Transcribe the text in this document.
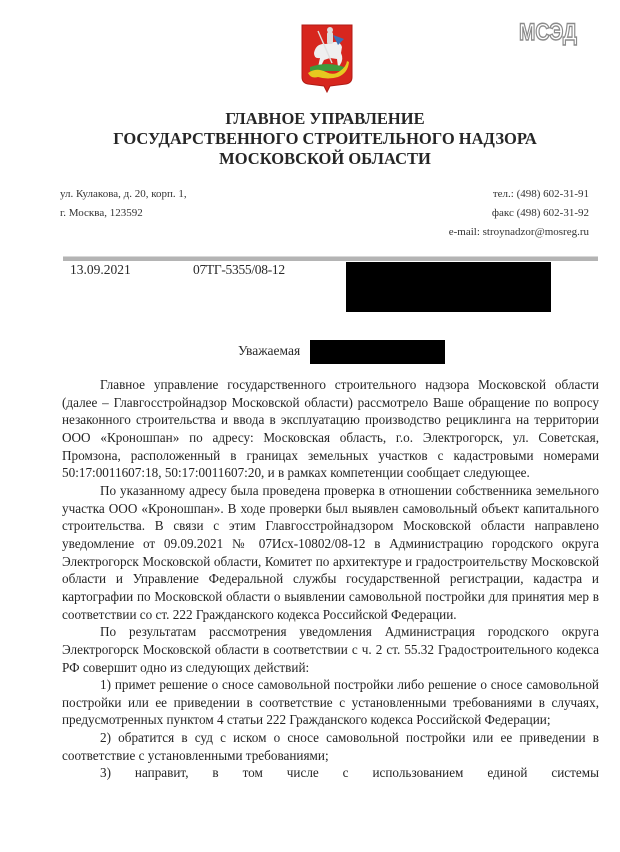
МСЭД
ГЛАВНОЕ УПРАВЛЕНИЕ
ГОСУДАРСТВЕННОГО СТРОИТЕЛЬНОГО НАДЗОРА
МОСКОВСКОЙ ОБЛАСТИ
ул. Кулакова, д. 20, корп. 1,
г. Москва, 123592
тел.: (498) 602-31-91
факс (498) 602-31-92
e-mail: stroynadzor@mosreg.ru
13.09.2021	07ТГ-5355/08-12
Уважаемая

Главное управление государственного строительного надзора Московской области (далее – Главгосстройнадзор Московской области) рассмотрело Ваше обращение по вопросу незаконного строительства и ввода в эксплуатацию производство рециклинга на территории ООО «Кроношпан» по адресу: Московская область, г.о. Электрогорск, ул. Советская, Промзона, расположенный в границах земельных участков с кадастровыми номерами 50:17:0011607:18, 50:17:0011607:20, и в рамках компетенции сообщает следующее.

По указанному адресу была проведена проверка в отношении собственника земельного участка ООО «Кроношпан». В ходе проверки был выявлен самовольный объект капитального строительства. В связи с этим Главгосстройнадзором Московской области направлено уведомление от 09.09.2021 № 07Исх-10802/08-12 в Администрацию городского округа Электрогорск Московской области, Комитет по архитектуре и градостроительству Московской области и Управление Федеральной службы государственной регистрации, кадастра и картографии по Московской области о выявлении самовольной постройки для принятия мер в соответствии со ст. 222 Гражданского кодекса Российской Федерации.

По результатам рассмотрения уведомления Администрация городского округа Электрогорск Московской области в соответствии с ч. 2 ст. 55.32 Градостроительного кодекса РФ совершит одно из следующих действий:

1) примет решение о сносе самовольной постройки либо решение о сносе самовольной постройки или ее приведении в соответствие с установленными требованиями в случаях, предусмотренных пунктом 4 статьи 222 Гражданского кодекса Российской Федерации;

2) обратится в суд с иском о сносе самовольной постройки или ее приведении в соответствие с установленными требованиями;

3) направит, в том числе с использованием единой системы
